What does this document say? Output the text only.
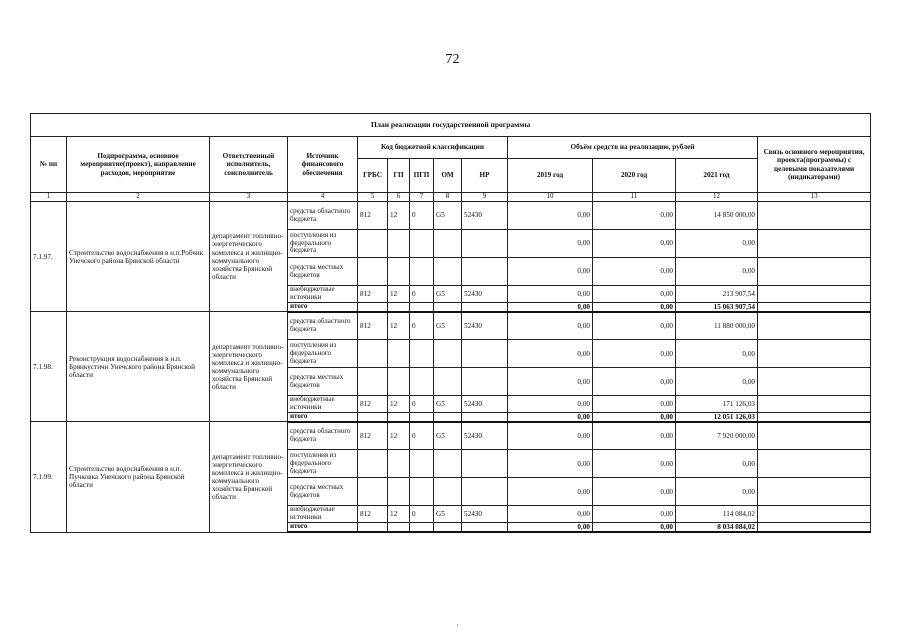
72
План реализации государственной программы												
№ пп	Подпрограмма, основное мероприятие(проект), направление расходов, мероприятие	Ответственный исполнитель, соисполнитель	Источник финансового обеспечения	Код бюджетной классификации					Объём средств на реализацию, рублей			Связь основного мероприятия, проекта(программы) с целевыми показателями (индикаторами)
				ГРБС	ГП	ПГП	ОМ	НР	2019 год	2020 год	2021 год	
1	2	3	4	5	6	7	8	9	10	11	12	13
7.1.97.	Строительство водоснабжения в н.п.Робчик Унечского района Брянской области	департамент топливно-энергетического комплекса и жилищно-коммунального хозяйства Брянской области	средства областного бюджета	812	12	0	G5	52430	0,00	0,00	14 850 000,00	
			поступления из федерального бюджета						0,00	0,00	0,00	
			средства местных бюджетов						0,00	0,00	0,00	
			внебюджетные источники	812	12	0	G5	52430	0,00	0,00	213 907,54	
			итого						0,00	0,00	15 063 907,54	
7.1.98.	Реконструкция водоснабжения в н.п. Брянкустичи Унечского района Брянской области	департамент топливно-энергетического комплекса и жилищно-коммунального хозяйства Брянской области	средства областного бюджета	812	12	0	G5	52430	0,00	0,00	11 880 000,00	
			поступления из федерального бюджета						0,00	0,00	0,00	
			средства местных бюджетов						0,00	0,00	0,00	
			внебюджетные источники	812	12	0	G5	52430	0,00	0,00	171 126,03	
			итого						0,00	0,00	12 051 126,03	
7.1.99.	Строительство водоснабжения в н.п. Пучковка Унечского района Брянской области	департамент топливно-энергетического комплекса и жилищно-коммунального хозяйства Брянской области	средства областного бюджета	812	12	0	G5	52430	0,00	0,00	7 920 000,00	
			поступления из федерального бюджета						0,00	0,00	0,00	
			средства местных бюджетов						0,00	0,00	0,00	
			внебюджетные источники	812	12	0	G5	52430	0,00	0,00	114 084,02	
			итого						0,00	0,00	8 034 084,02	
·
